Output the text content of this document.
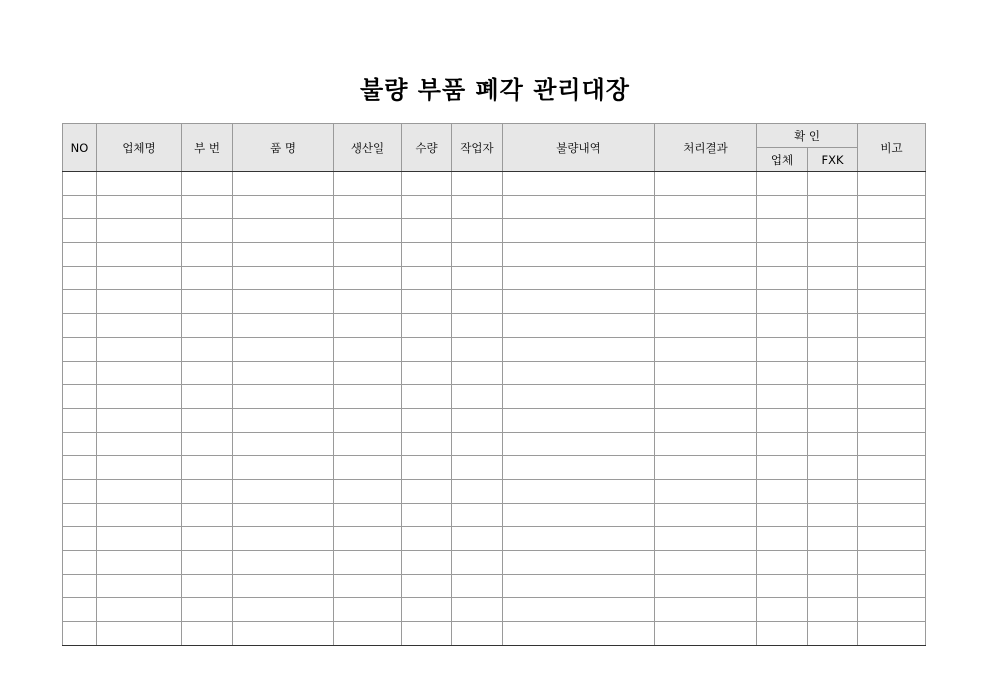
불량 부품 폐각 관리대장
NO	업체명	부 번	품 명	생산일	수량	작업자	불량내역	처리결과	확 인		비고
									업체	FXK	
